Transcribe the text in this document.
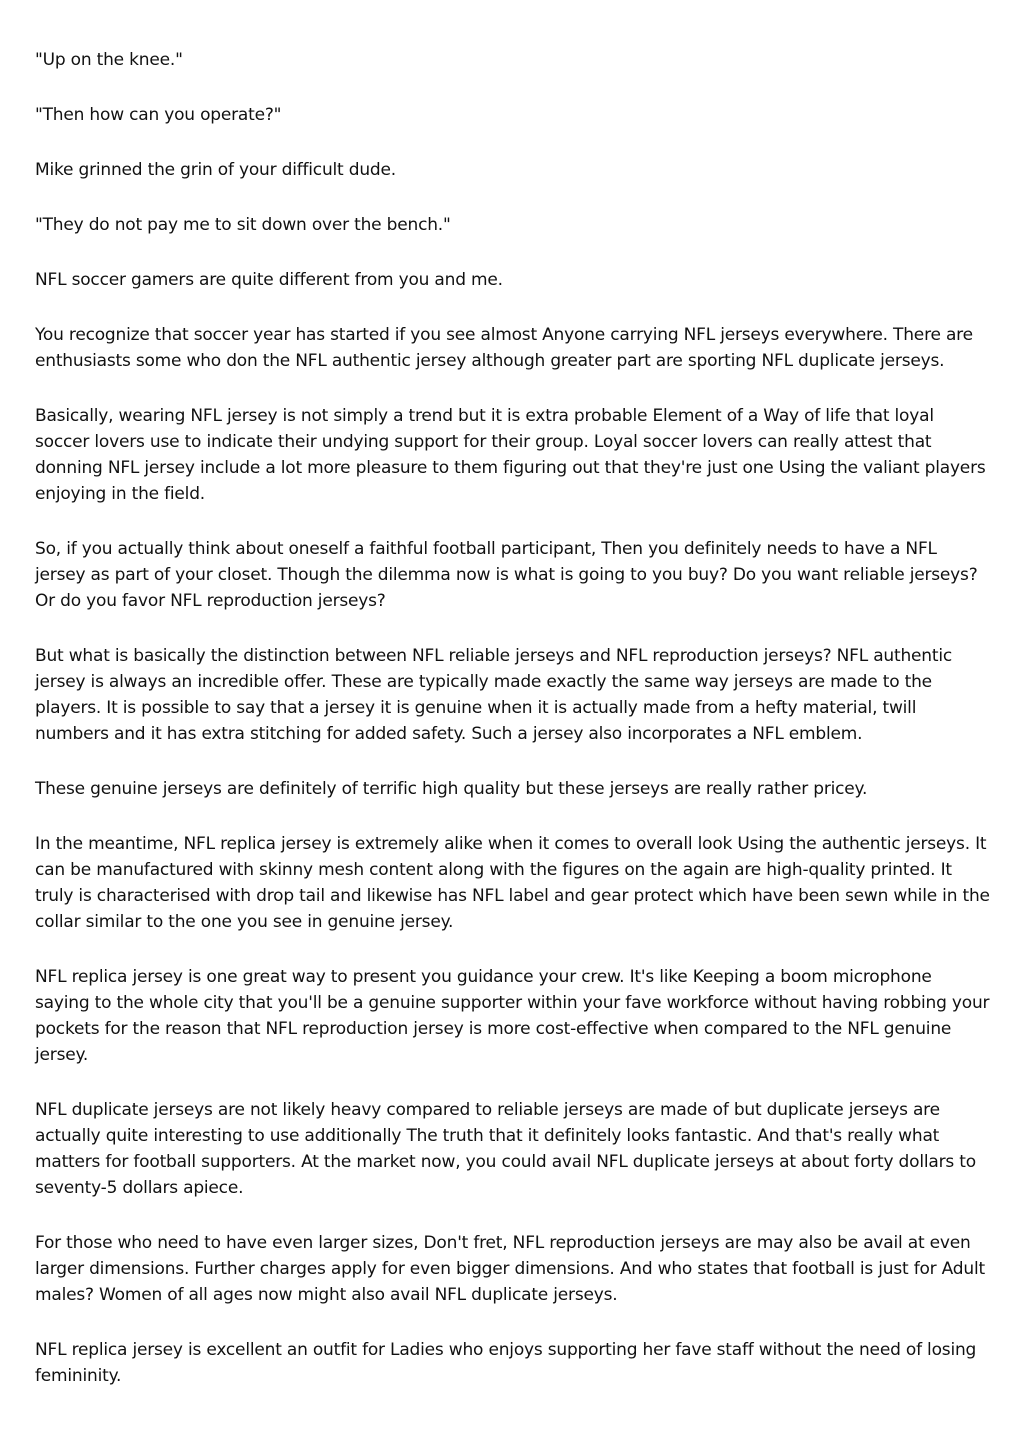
"Up on the knee."

"Then how can you operate?"

Mike grinned the grin of your difficult dude.

"They do not pay me to sit down over the bench."

NFL soccer gamers are quite different from you and me.

You recognize that soccer year has started if you see almost Anyone carrying NFL jerseys everywhere. There are enthusiasts some who don the NFL authentic jersey although greater part are sporting NFL duplicate jerseys.

Basically, wearing NFL jersey is not simply a trend but it is extra probable Element of a Way of life that loyal soccer lovers use to indicate their undying support for their group. Loyal soccer lovers can really attest that donning NFL jersey include a lot more pleasure to them figuring out that they're just one Using the valiant players enjoying in the field.

So, if you actually think about oneself a faithful football participant, Then you definitely needs to have a NFL jersey as part of your closet. Though the dilemma now is what is going to you buy? Do you want reliable jerseys? Or do you favor NFL reproduction jerseys?

But what is basically the distinction between NFL reliable jerseys and NFL reproduction jerseys? NFL authentic jersey is always an incredible offer. These are typically made exactly the same way jerseys are made to the players. It is possible to say that a jersey it is genuine when it is actually made from a hefty material, twill numbers and it has extra stitching for added safety. Such a jersey also incorporates a NFL emblem.

These genuine jerseys are definitely of terrific high quality but these jerseys are really rather pricey.

In the meantime, NFL replica jersey is extremely alike when it comes to overall look Using the authentic jerseys. It can be manufactured with skinny mesh content along with the figures on the again are high-quality printed. It truly is characterised with drop tail and likewise has NFL label and gear protect which have been sewn while in the collar similar to the one you see in genuine jersey.

NFL replica jersey is one great way to present you guidance your crew. It's like Keeping a boom microphone saying to the whole city that you'll be a genuine supporter within your fave workforce without having robbing your pockets for the reason that NFL reproduction jersey is more cost-effective when compared to the NFL genuine jersey.

NFL duplicate jerseys are not likely heavy compared to reliable jerseys are made of but duplicate jerseys are actually quite interesting to use additionally The truth that it definitely looks fantastic. And that's really what matters for football supporters. At the market now, you could avail NFL duplicate jerseys at about forty dollars to seventy-5 dollars apiece.

For those who need to have even larger sizes, Don't fret, NFL reproduction jerseys are may also be avail at even larger dimensions. Further charges apply for even bigger dimensions. And who states that football is just for Adult males? Women of all ages now might also avail NFL duplicate jerseys.

NFL replica jersey is excellent an outfit for Ladies who enjoys supporting her fave staff without the need of losing femininity.
